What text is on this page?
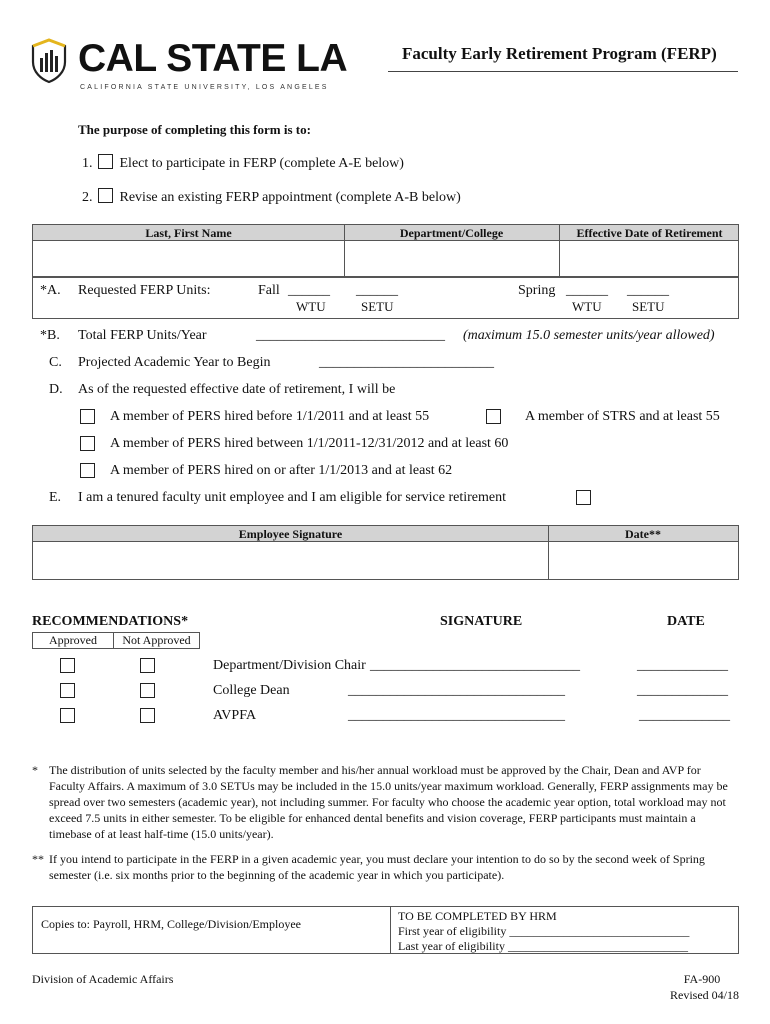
CAL STATE LA
CALIFORNIA STATE UNIVERSITY, LOS ANGELES
Faculty Early Retirement Program (FERP)
The purpose of completing this form is to:
1. Elect to participate in FERP (complete A-E below)
2. Revise an existing FERP appointment (complete A-B below)
Last, First Name	Department/College	Effective Date of Retirement
*A. Requested FERP Units:	Fall ______ ______	Spring ______ ______
WTU	SETU	WTU SETU
*B. Total FERP Units/Year	___________________________ (maximum 15.0 semester units/year allowed)
C. Projected Academic Year to Begin	_________________________
D. As of the requested effective date of retirement, I will be
A member of PERS hired before 1/1/2011 and at least 55	A member of STRS and at least 55
A member of PERS hired between 1/1/2011-12/31/2012 and at least 60
A member of PERS hired on or after 1/1/2013 and at least 62
E. I am a tenured faculty unit employee and I am eligible for service retirement
Employee Signature	Date**
RECOMMENDATIONS*	SIGNATURE	DATE
Approved	Not Approved
Department/Division Chair ______________________________	_____________
College Dean	_______________________________	_____________
AVPFA	_______________________________	_____________
* The distribution of units selected by the faculty member and his/her annual workload must be approved by the Chair, Dean and AVP for Faculty Affairs. A maximum of 3.0 SETUs may be included in the 15.0 units/year maximum workload. Generally, FERP assignments may be spread over two semesters (academic year), not including summer. For faculty who choose the academic year option, total workload may not exceed 7.5 units in either semester. To be eligible for enhanced dental benefits and vision coverage, FERP participants must maintain a timebase of at least half-time (15.0 units/year).
** If you intend to participate in the FERP in a given academic year, you must declare your intention to do so by the second week of Spring semester (i.e. six months prior to the beginning of the academic year in which you participate).
Copies to: Payroll, HRM, College/Division/Employee
TO BE COMPLETED BY HRM
First year of eligibility ______________________________
Last year of eligibility ______________________________
Division of Academic Affairs	FA-900
Revised 04/18
